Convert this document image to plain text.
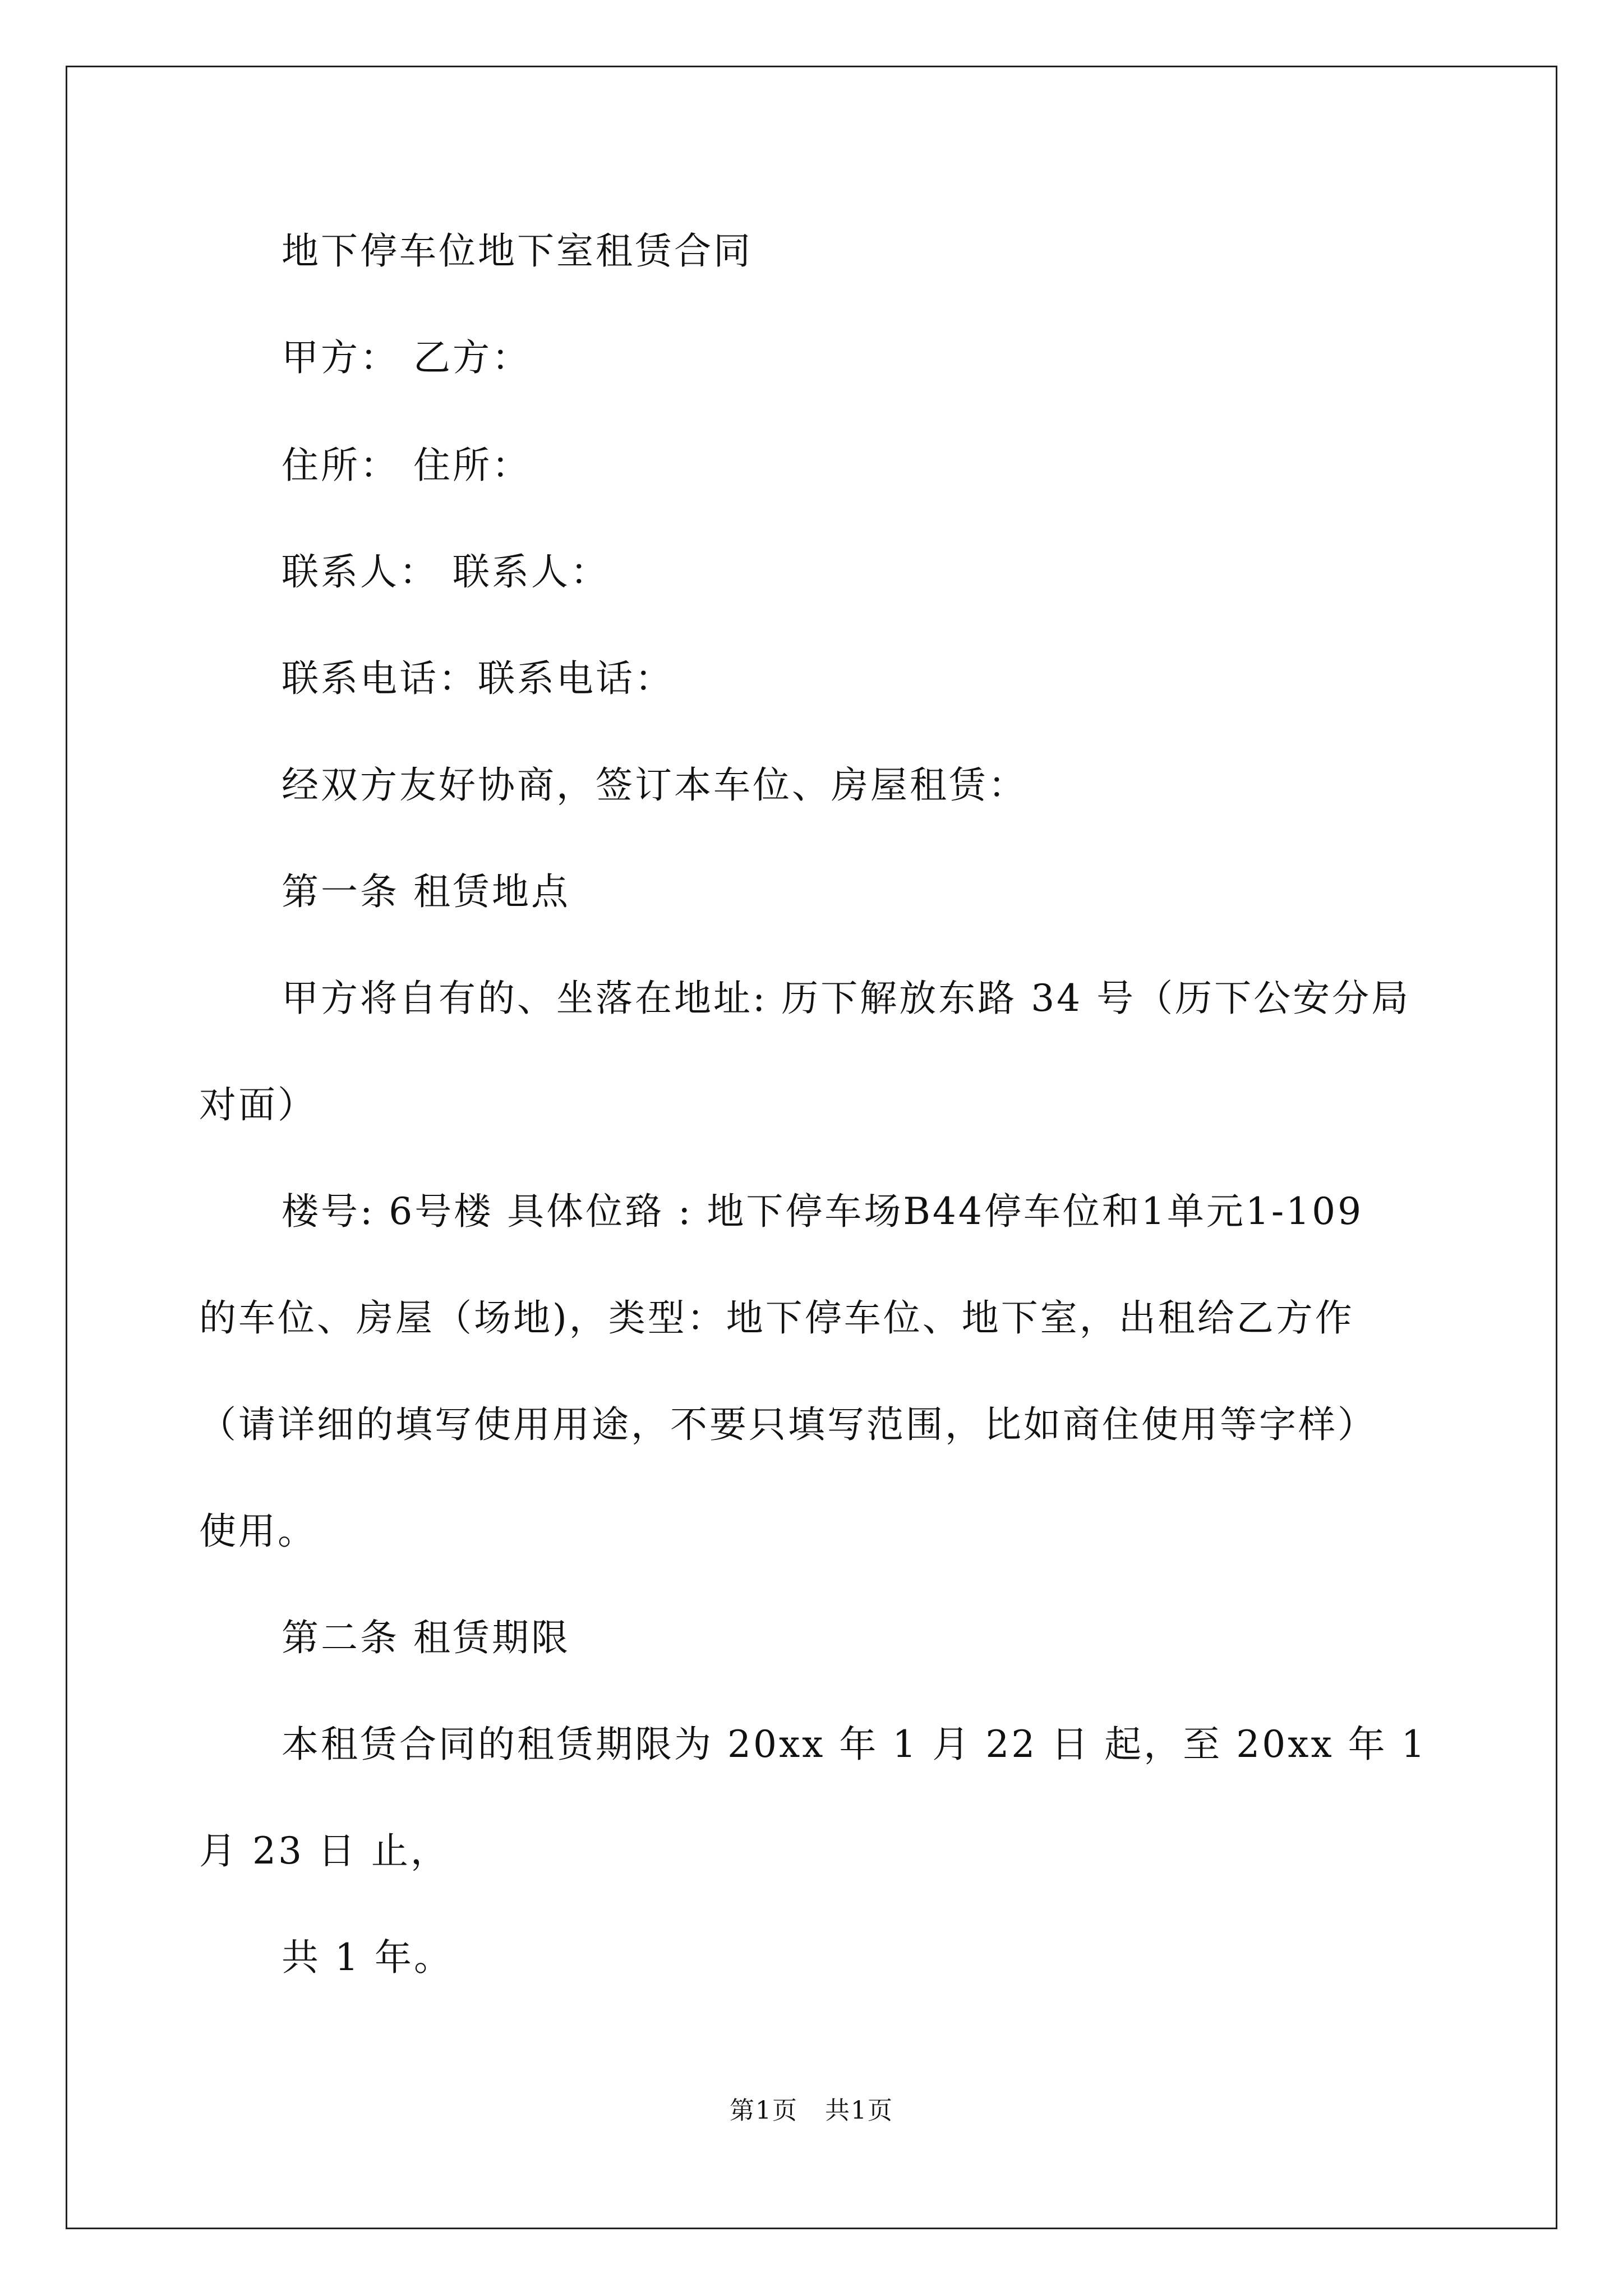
地下停车位地下室租赁合同
甲方： 乙方：
住所： 住所：
联系人： 联系人：
联系电话：联系电话：
经双方友好协商，签订本车位、房屋租赁：
第一条 租赁地点
甲方将自有的、坐落在地址: 历下解放东路 34 号（历下公安分局
对面）
楼号: 6号楼 具体位臵 : 地下停车场B44停车位和1单元1-109
的车位、房屋（场地)，类型：地下停车位、地下室，出租给乙方作
（请详细的填写使用用途，不要只填写范围，比如商住使用等字样）
使用。
第二条 租赁期限
本租赁合同的租赁期限为 20xx 年 1 月 22 日 起，至 20xx 年 1
月 23 日 止，
共 1 年。
第1页 共1页
